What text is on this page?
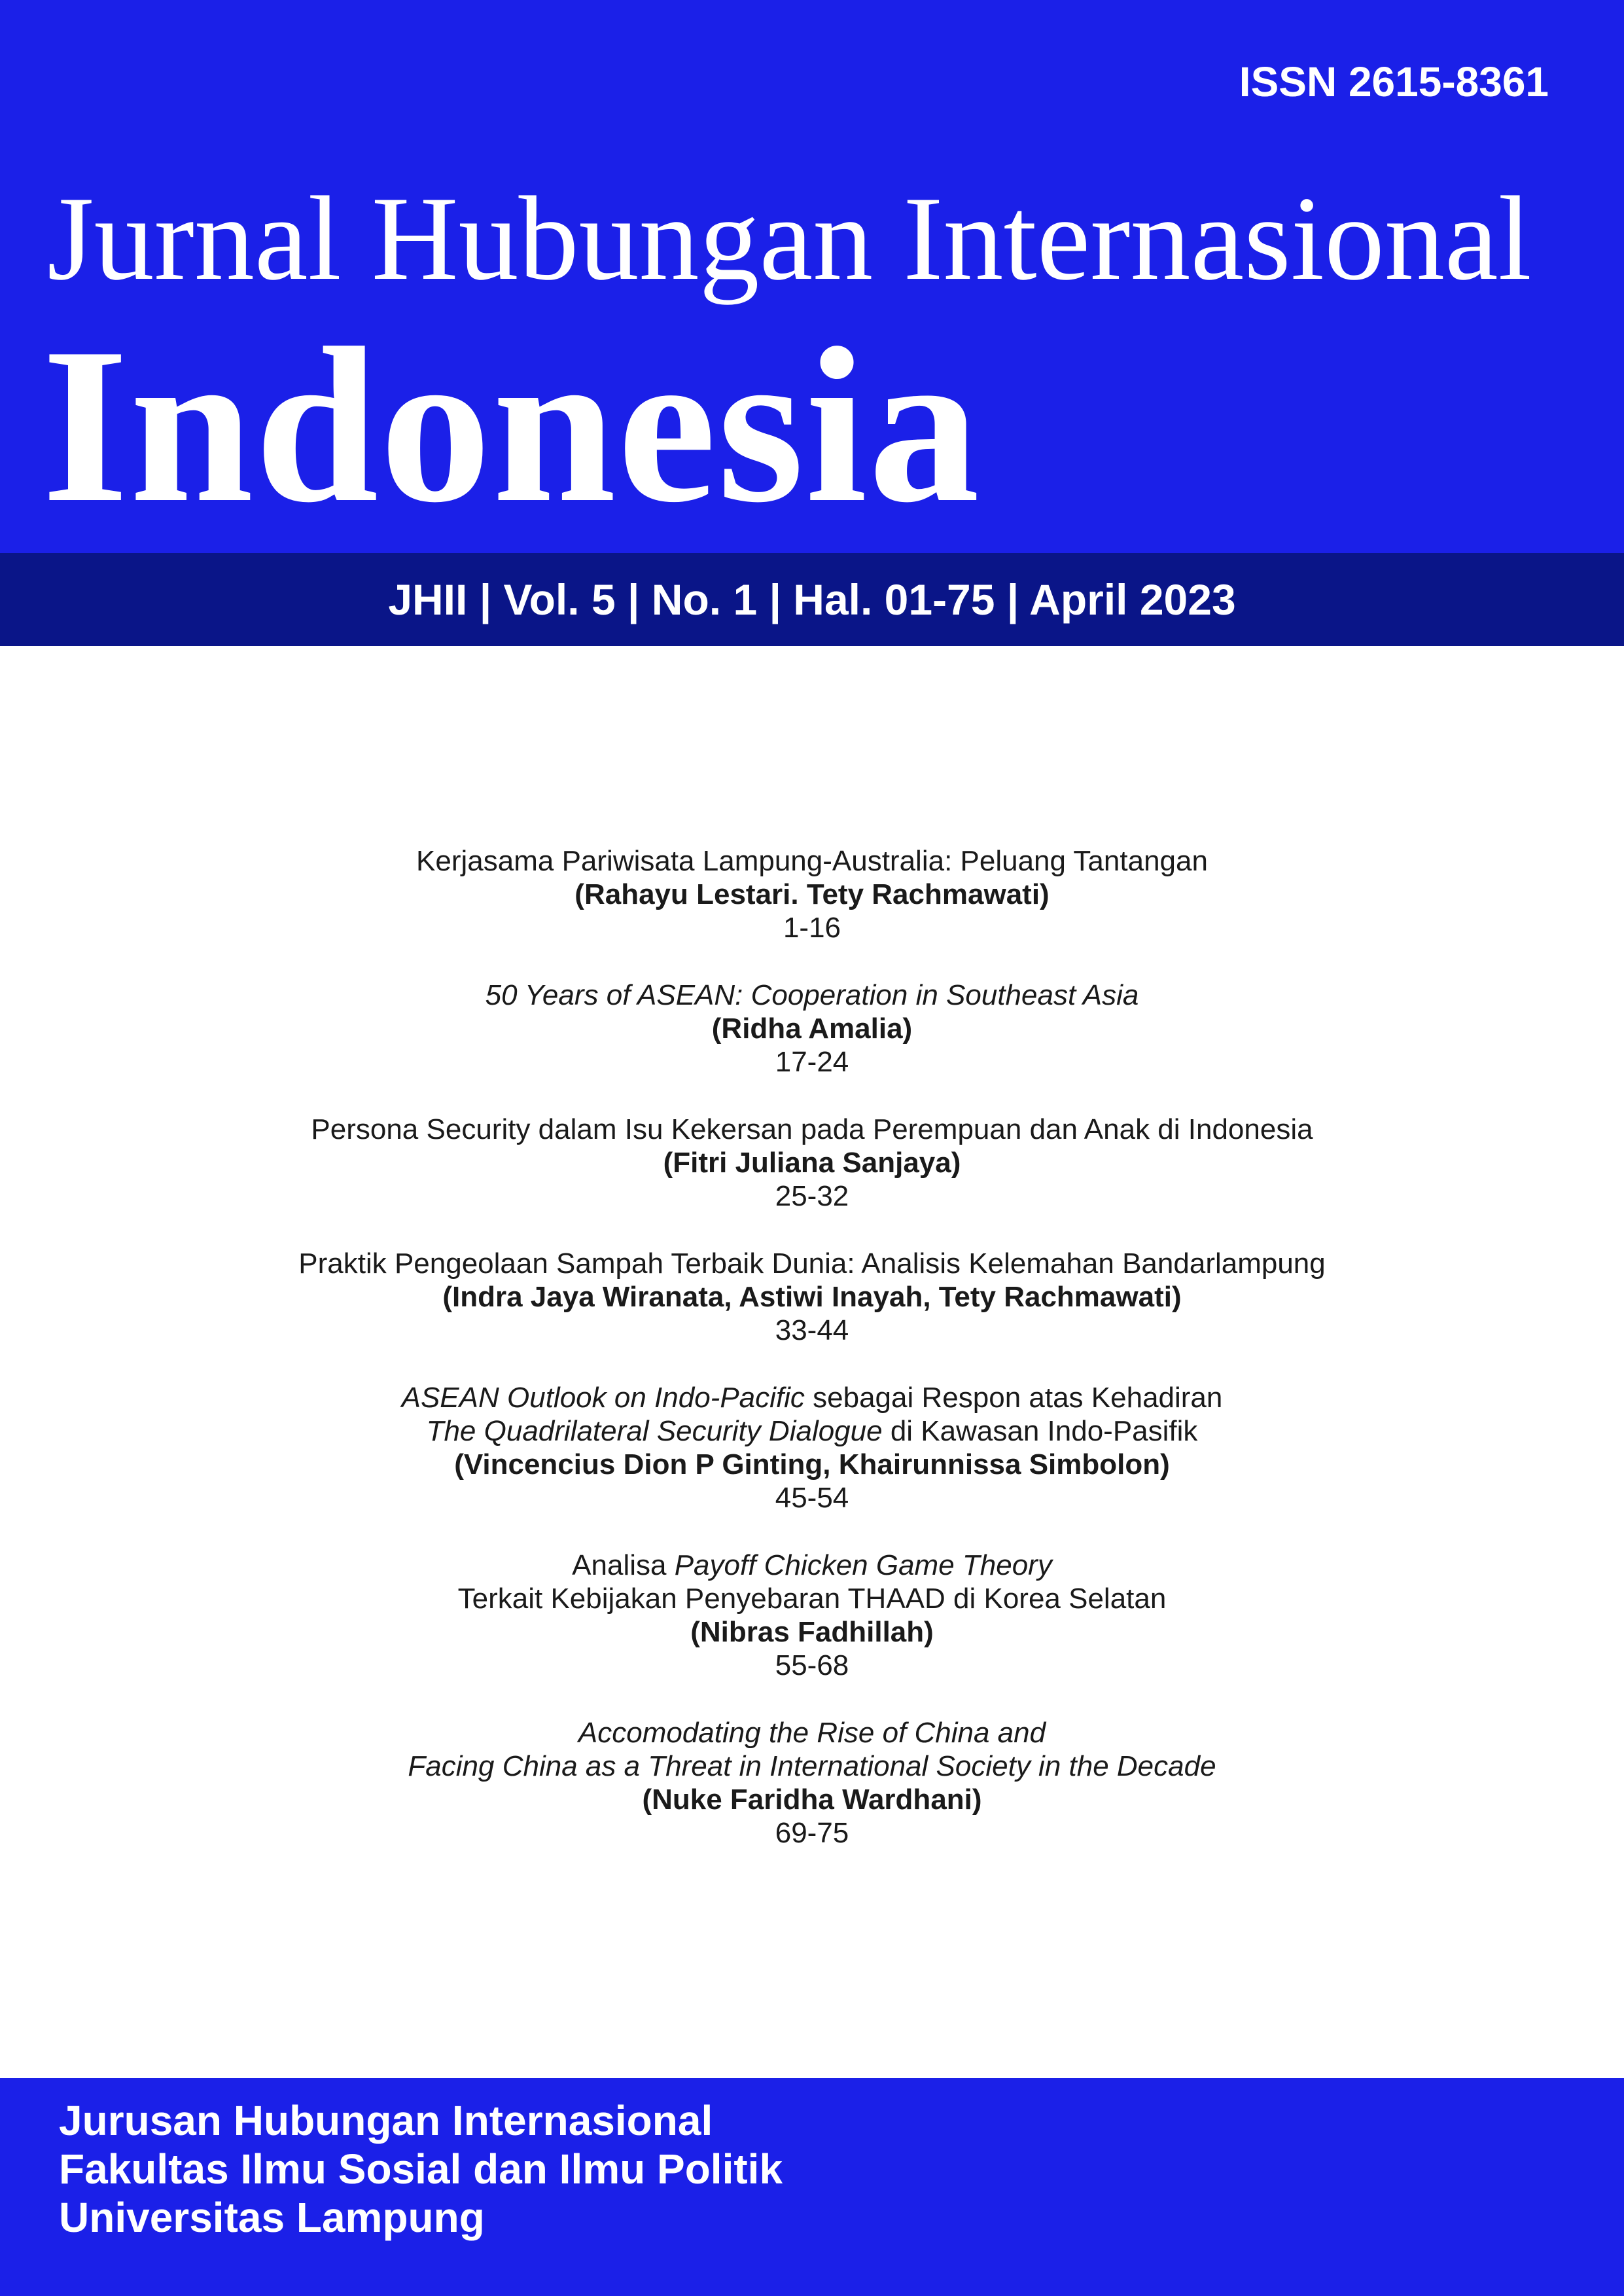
ISSN 2615-8361
Jurnal Hubungan Internasional
Indonesia
JHII | Vol. 5 | No. 1 | Hal. 01-75 | April 2023
Kerjasama Pariwisata Lampung-Australia: Peluang Tantangan
(Rahayu Lestari. Tety Rachmawati)
1-16
50 Years of ASEAN: Cooperation in Southeast Asia
(Ridha Amalia)
17-24
Persona Security dalam Isu Kekersan pada Perempuan dan Anak di Indonesia
(Fitri Juliana Sanjaya)
25-32
Praktik Pengeolaan Sampah Terbaik Dunia: Analisis Kelemahan Bandarlampung
(Indra Jaya Wiranata, Astiwi Inayah, Tety Rachmawati)
33-44
ASEAN Outlook on Indo-Pacific sebagai Respon atas Kehadiran
The Quadrilateral Security Dialogue di Kawasan Indo-Pasifik
(Vincencius Dion P Ginting, Khairunnissa Simbolon)
45-54
Analisa Payoff Chicken Game Theory
Terkait Kebijakan Penyebaran THAAD di Korea Selatan
(Nibras Fadhillah)
55-68
Accomodating the Rise of China and
Facing China as a Threat in International Society in the Decade
(Nuke Faridha Wardhani)
69-75
Jurusan Hubungan Internasional
Fakultas Ilmu Sosial dan Ilmu Politik
Universitas Lampung
